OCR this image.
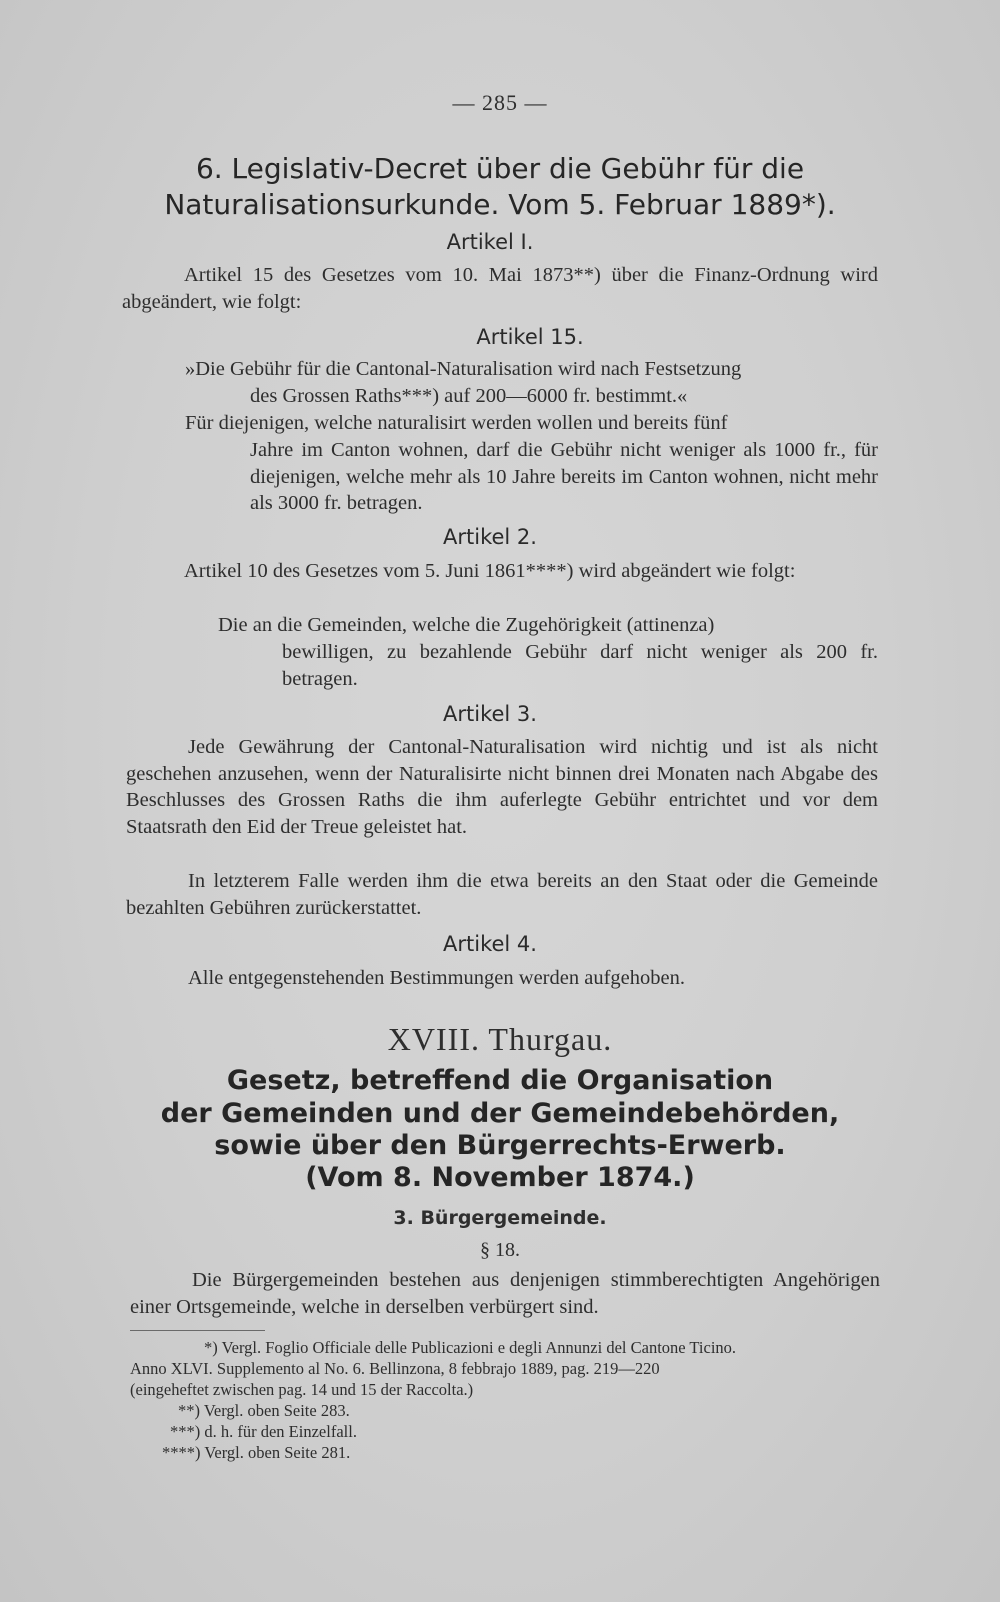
— 285 —
6. Legislativ-Decret über die Gebühr für die
Naturalisationsurkunde. Vom 5. Februar 1889*).
Artikel I.
Artikel 15 des Gesetzes vom 10. Mai 1873**) über die Finanz-Ordnung wird abgeändert, wie folgt:
Artikel 15.
»Die Gebühr für die Cantonal-Naturalisation wird nach Festsetzung
des Grossen Raths***) auf 200—6000 fr. bestimmt.«
Für diejenigen, welche naturalisirt werden wollen und bereits fünf
Jahre im Canton wohnen, darf die Gebühr nicht weniger als 1000 fr., für diejenigen, welche mehr als 10 Jahre bereits im Canton wohnen, nicht mehr als 3000 fr. betragen.
Artikel 2.
Artikel 10 des Gesetzes vom 5. Juni 1861****) wird abgeändert wie folgt:
Die an die Gemeinden, welche die Zugehörigkeit (attinenza)
bewilligen, zu bezahlende Gebühr darf nicht weniger als 200 fr. betragen.
Artikel 3.
Jede Gewährung der Cantonal-Naturalisation wird nichtig und ist als nicht geschehen anzusehen, wenn der Naturalisirte nicht binnen drei Monaten nach Abgabe des Beschlusses des Grossen Raths die ihm auferlegte Gebühr entrichtet und vor dem Staatsrath den Eid der Treue geleistet hat.
In letzterem Falle werden ihm die etwa bereits an den Staat oder die Gemeinde bezahlten Gebühren zurückerstattet.
Artikel 4.
Alle entgegenstehenden Bestimmungen werden aufgehoben.
XVIII. Thurgau.
Gesetz, betreffend die Organisation
der Gemeinden und der Gemeindebehörden,
sowie über den Bürgerrechts-Erwerb.
(Vom 8. November 1874.)
3. Bürgergemeinde.
§ 18.
Die Bürgergemeinden bestehen aus denjenigen stimmberechtigten Angehörigen einer Ortsgemeinde, welche in derselben verbürgert sind.
*) Vergl. Foglio Officiale delle Publicazioni e degli Annunzi del Cantone Ticino.
Anno XLVI. Supplemento al No. 6. Bellinzona, 8 febbrajo 1889, pag. 219—220
(eingeheftet zwischen pag. 14 und 15 der Raccolta.)
**) Vergl. oben Seite 283.
***) d. h. für den Einzelfall.
****) Vergl. oben Seite 281.
